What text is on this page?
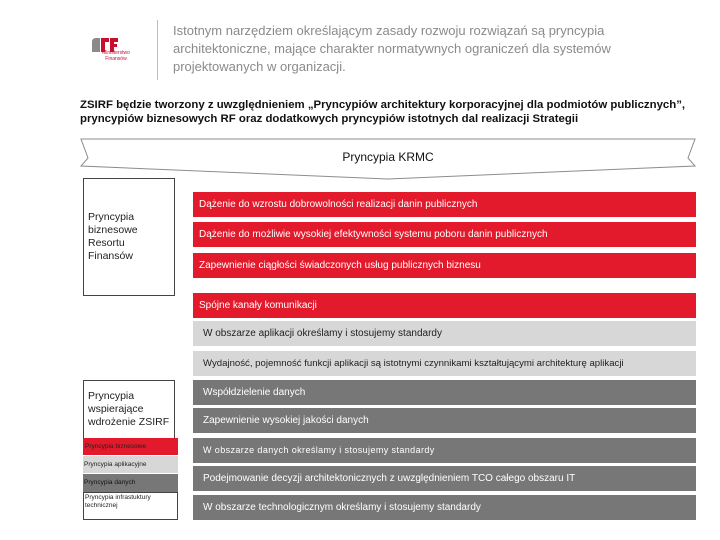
Ministerstwo
Finansów
Istotnym narzędziem określającym zasady rozwoju rozwiązań są pryncypia architektoniczne, mające charakter normatywnych ograniczeń dla systemów projektowanych w organizacji.
ZSIRF będzie tworzony z uwzględnieniem „Pryncypiów architektury korporacyjnej dla podmiotów publicznych”, pryncypiów biznesowych RF oraz dodatkowych pryncypiów istotnych dal realizacji Strategii
Pryncypia KRMC
Pryncypia biznesowe Resortu Finansów
Pryncypia wspierające wdrożenie ZSIRF
Pryncypia biznesowe
Pryncypia aplikacyjne
Pryncypia danych
Pryncypia infrastuktury technicznej
Dążenie do wzrostu dobrowolności realizacji danin publicznych
Dążenie do możliwie wysokiej efektywności systemu poboru danin publicznych
Zapewnienie ciągłości świadczonych usług publicznych biznesu
Spójne kanały komunikacji
W obszarze aplikacji określamy i stosujemy standardy
Wydajność, pojemność funkcji aplikacji są istotnymi czynnikami kształtującymi architekturę aplikacji
Współdzielenie danych
Zapewnienie wysokiej jakości danych
W obszarze danych określamy i stosujemy standardy
Podejmowanie decyzji architektonicznych z uwzględnieniem TCO całego obszaru IT
W obszarze technologicznym określamy i stosujemy standardy
